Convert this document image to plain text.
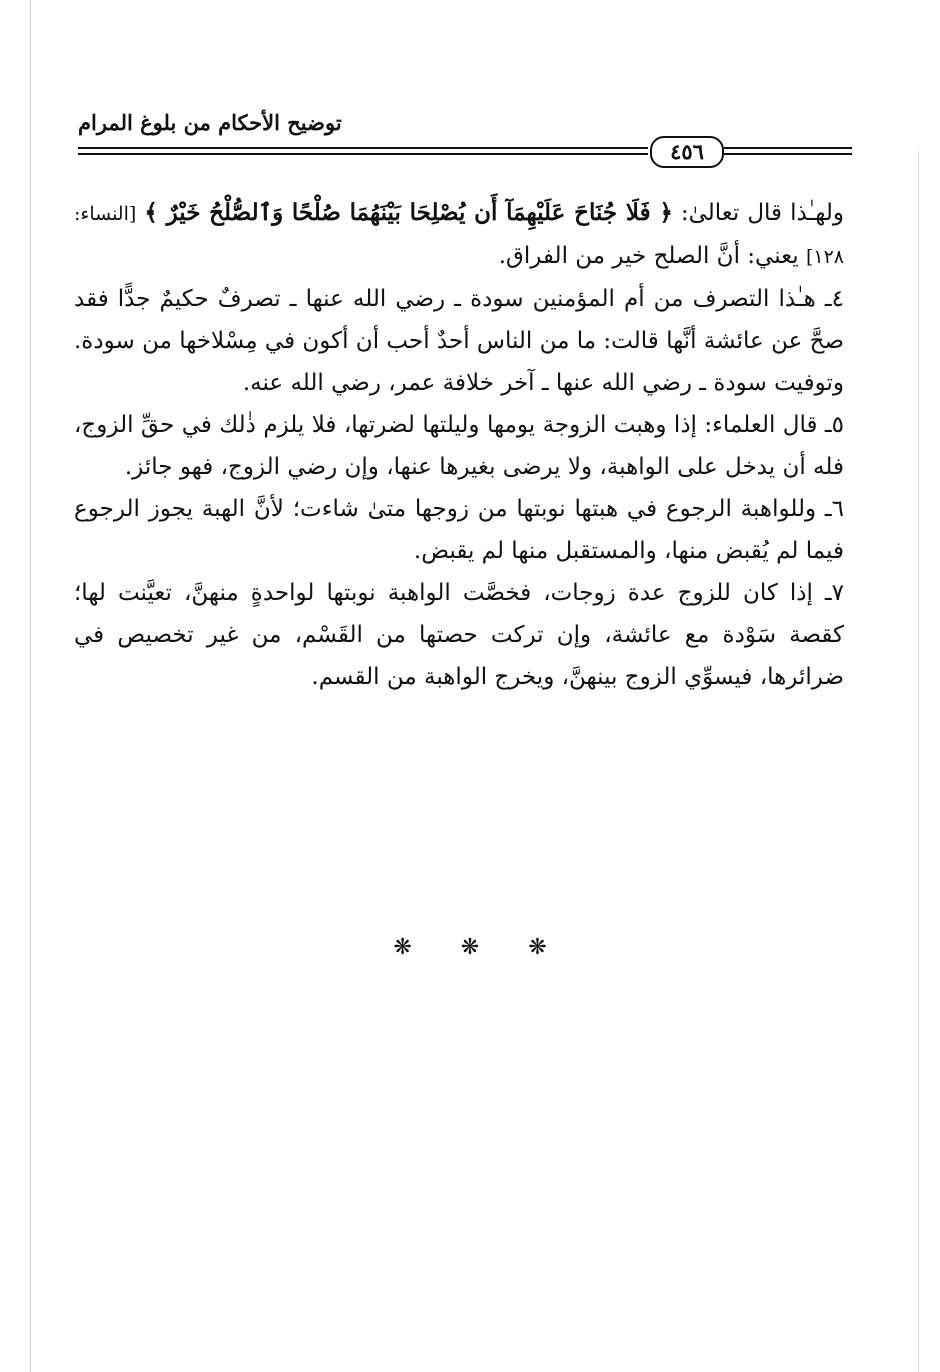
توضيح الأحكام من بلوغ المرام
٤٥٦

ولهـٰذا قال تعالىٰ: ﴿ فَلَا جُنَاحَ عَلَيْهِمَآ أَن يُصْلِحَا بَيْنَهُمَا صُلْحًا وَٱلصُّلْحُ خَيْرٌ ﴾ [النساء: ١٢٨] يعني: أنَّ الصلح خير من الفراق.

٤ـ هـٰذا التصرف من أم المؤمنين سودة ـ رضي الله عنها ـ تصرفٌ حكيمٌ جدًّا فقد صحَّ عن عائشة أنَّها قالت: ما من الناس أحدٌ أحب أن أكون في مِسْلاخها من سودة. وتوفيت سودة ـ رضي الله عنها ـ آخر خلافة عمر، رضي الله عنه.

٥ـ قال العلماء: إذا وهبت الزوجة يومها وليلتها لضرتها، فلا يلزم ذٰلك في حقِّ الزوج، فله أن يدخل على الواهبة، ولا يرضى بغيرها عنها، وإن رضي الزوج، فهو جائز.

٦ـ وللواهبة الرجوع في هبتها نوبتها من زوجها متىٰ شاءت؛ لأنَّ الهبة يجوز الرجوع فيما لم يُقبض منها، والمستقبل منها لم يقبض.

٧ـ إذا كان للزوج عدة زوجات، فخصَّت الواهبة نوبتها لواحدةٍ منهنَّ، تعيَّنت لها؛ كقصة سَوْدة مع عائشة، وإن تركت حصتها من القَسْم، من غير تخصيص في ضرائرها، فيسوِّي الزوج بينهنَّ، ويخرج الواهبة من القسم.

❋ ❋ ❋
